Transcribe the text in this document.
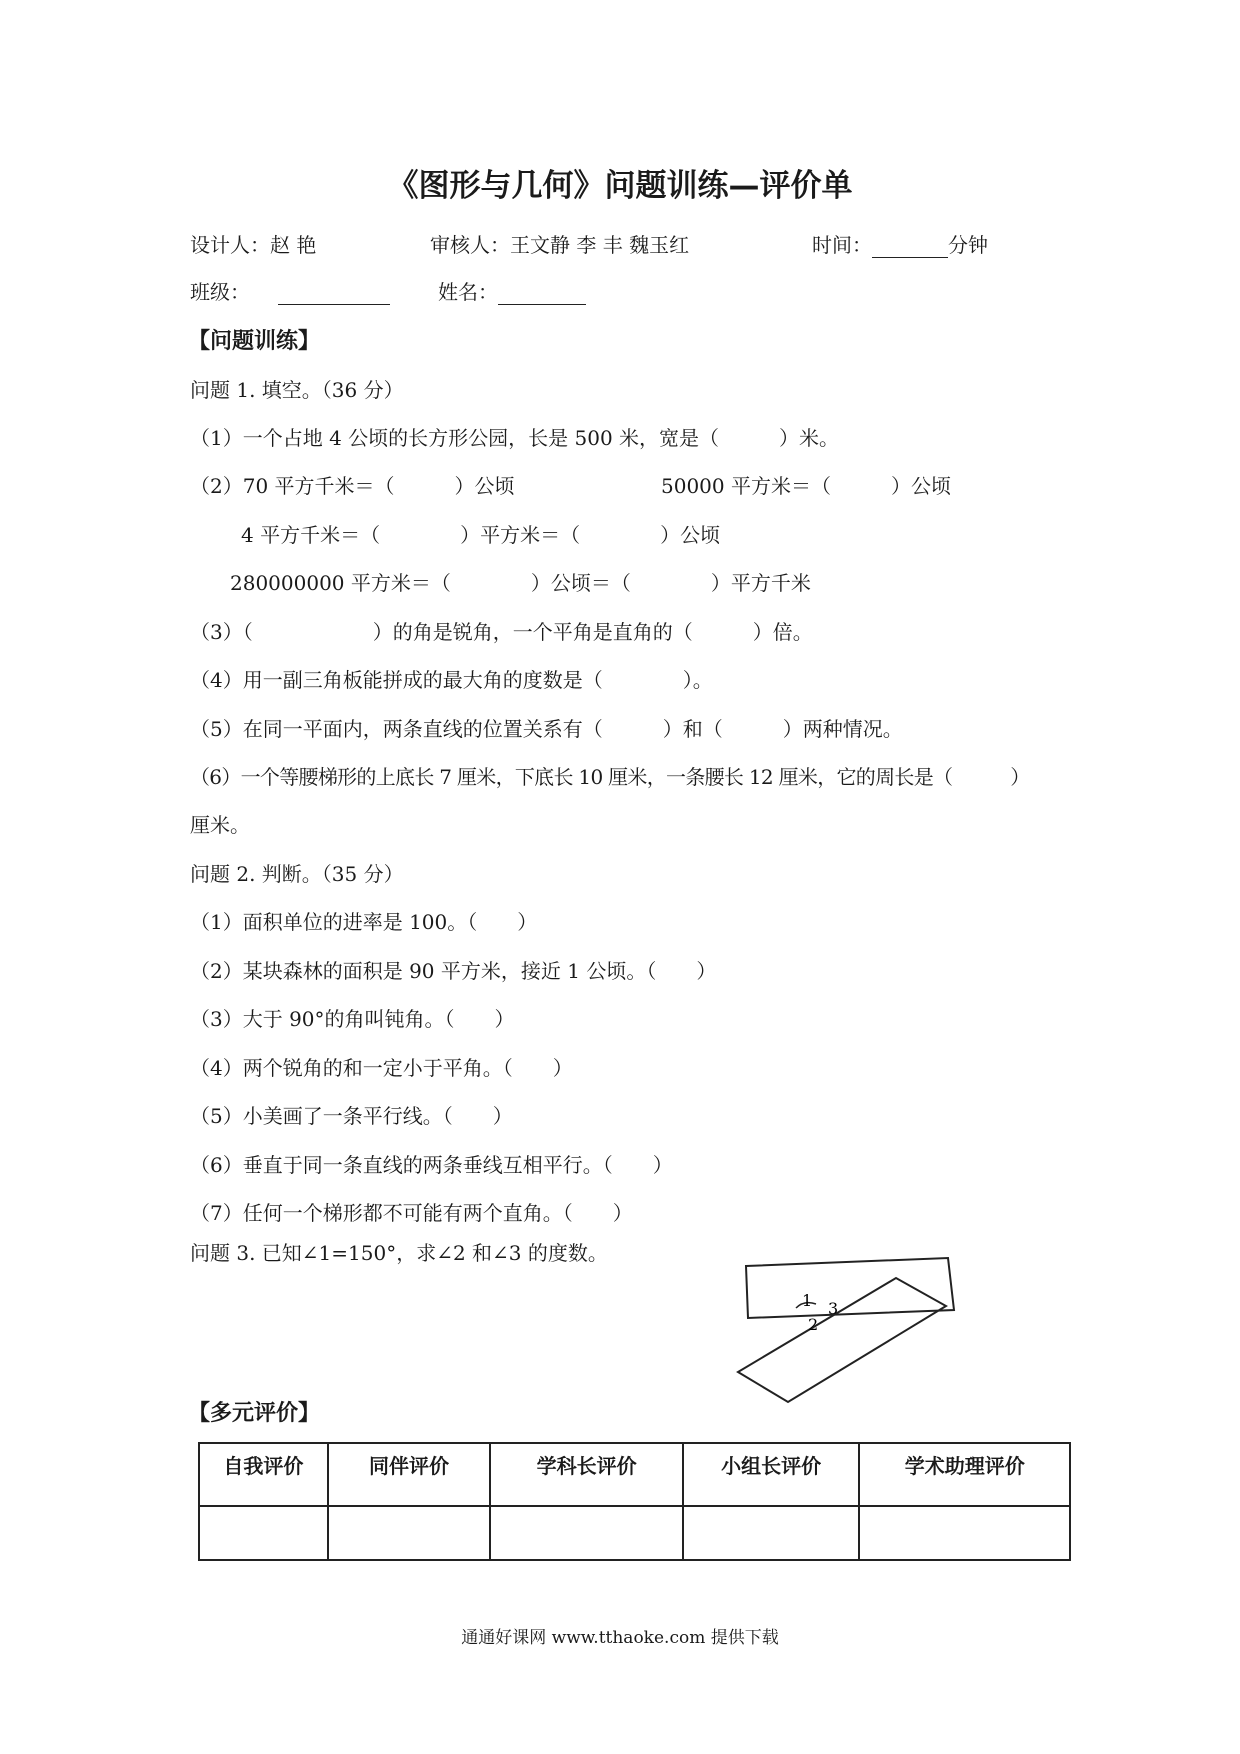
《图形与几何》问题训练—评价单
设计人：赵 艳	审核人：王文静 李 丰 魏玉红	时间：	分钟
班级：	姓名：
【问题训练】
问题 1. 填空。（36 分）
（1）一个占地 4 公顷的长方形公园，长是 500 米，宽是（　　　）米。
（2）70 平方千米＝（　　　）公顷	50000 平方米＝（　　　）公顷
4 平方千米＝（　　　　）平方米＝（　　　　）公顷
280000000 平方米＝（　　　　）公顷＝（　　　　）平方千米
（3）（　　　　　　）的角是锐角，一个平角是直角的（　　　）倍。
（4）用一副三角板能拼成的最大角的度数是（　　　　）。
（5）在同一平面内，两条直线的位置关系有（　　　）和（　　　）两种情况。
（6）一个等腰梯形的上底长 7 厘米，下底长 10 厘米，一条腰长 12 厘米，它的周长是（　　　）
厘米。
问题 2. 判断。（35 分）
（1）面积单位的进率是 100。（　　）
（2）某块森林的面积是 90 平方米，接近 1 公顷。（　　）
（3）大于 90°的角叫钝角。（　　）
（4）两个锐角的和一定小于平角。（　　）
（5）小美画了一条平行线。（　　）
（6）垂直于同一条直线的两条垂线互相平行。（　　）
（7）任何一个梯形都不可能有两个直角。（　　）
问题 3. 已知∠1=150°，求∠2 和∠3 的度数。
1
2
3
【多元评价】
自我评价	同伴评价	学科长评价	小组长评价	学术助理评价

通通好课网 www.tthaoke.com 提供下载
